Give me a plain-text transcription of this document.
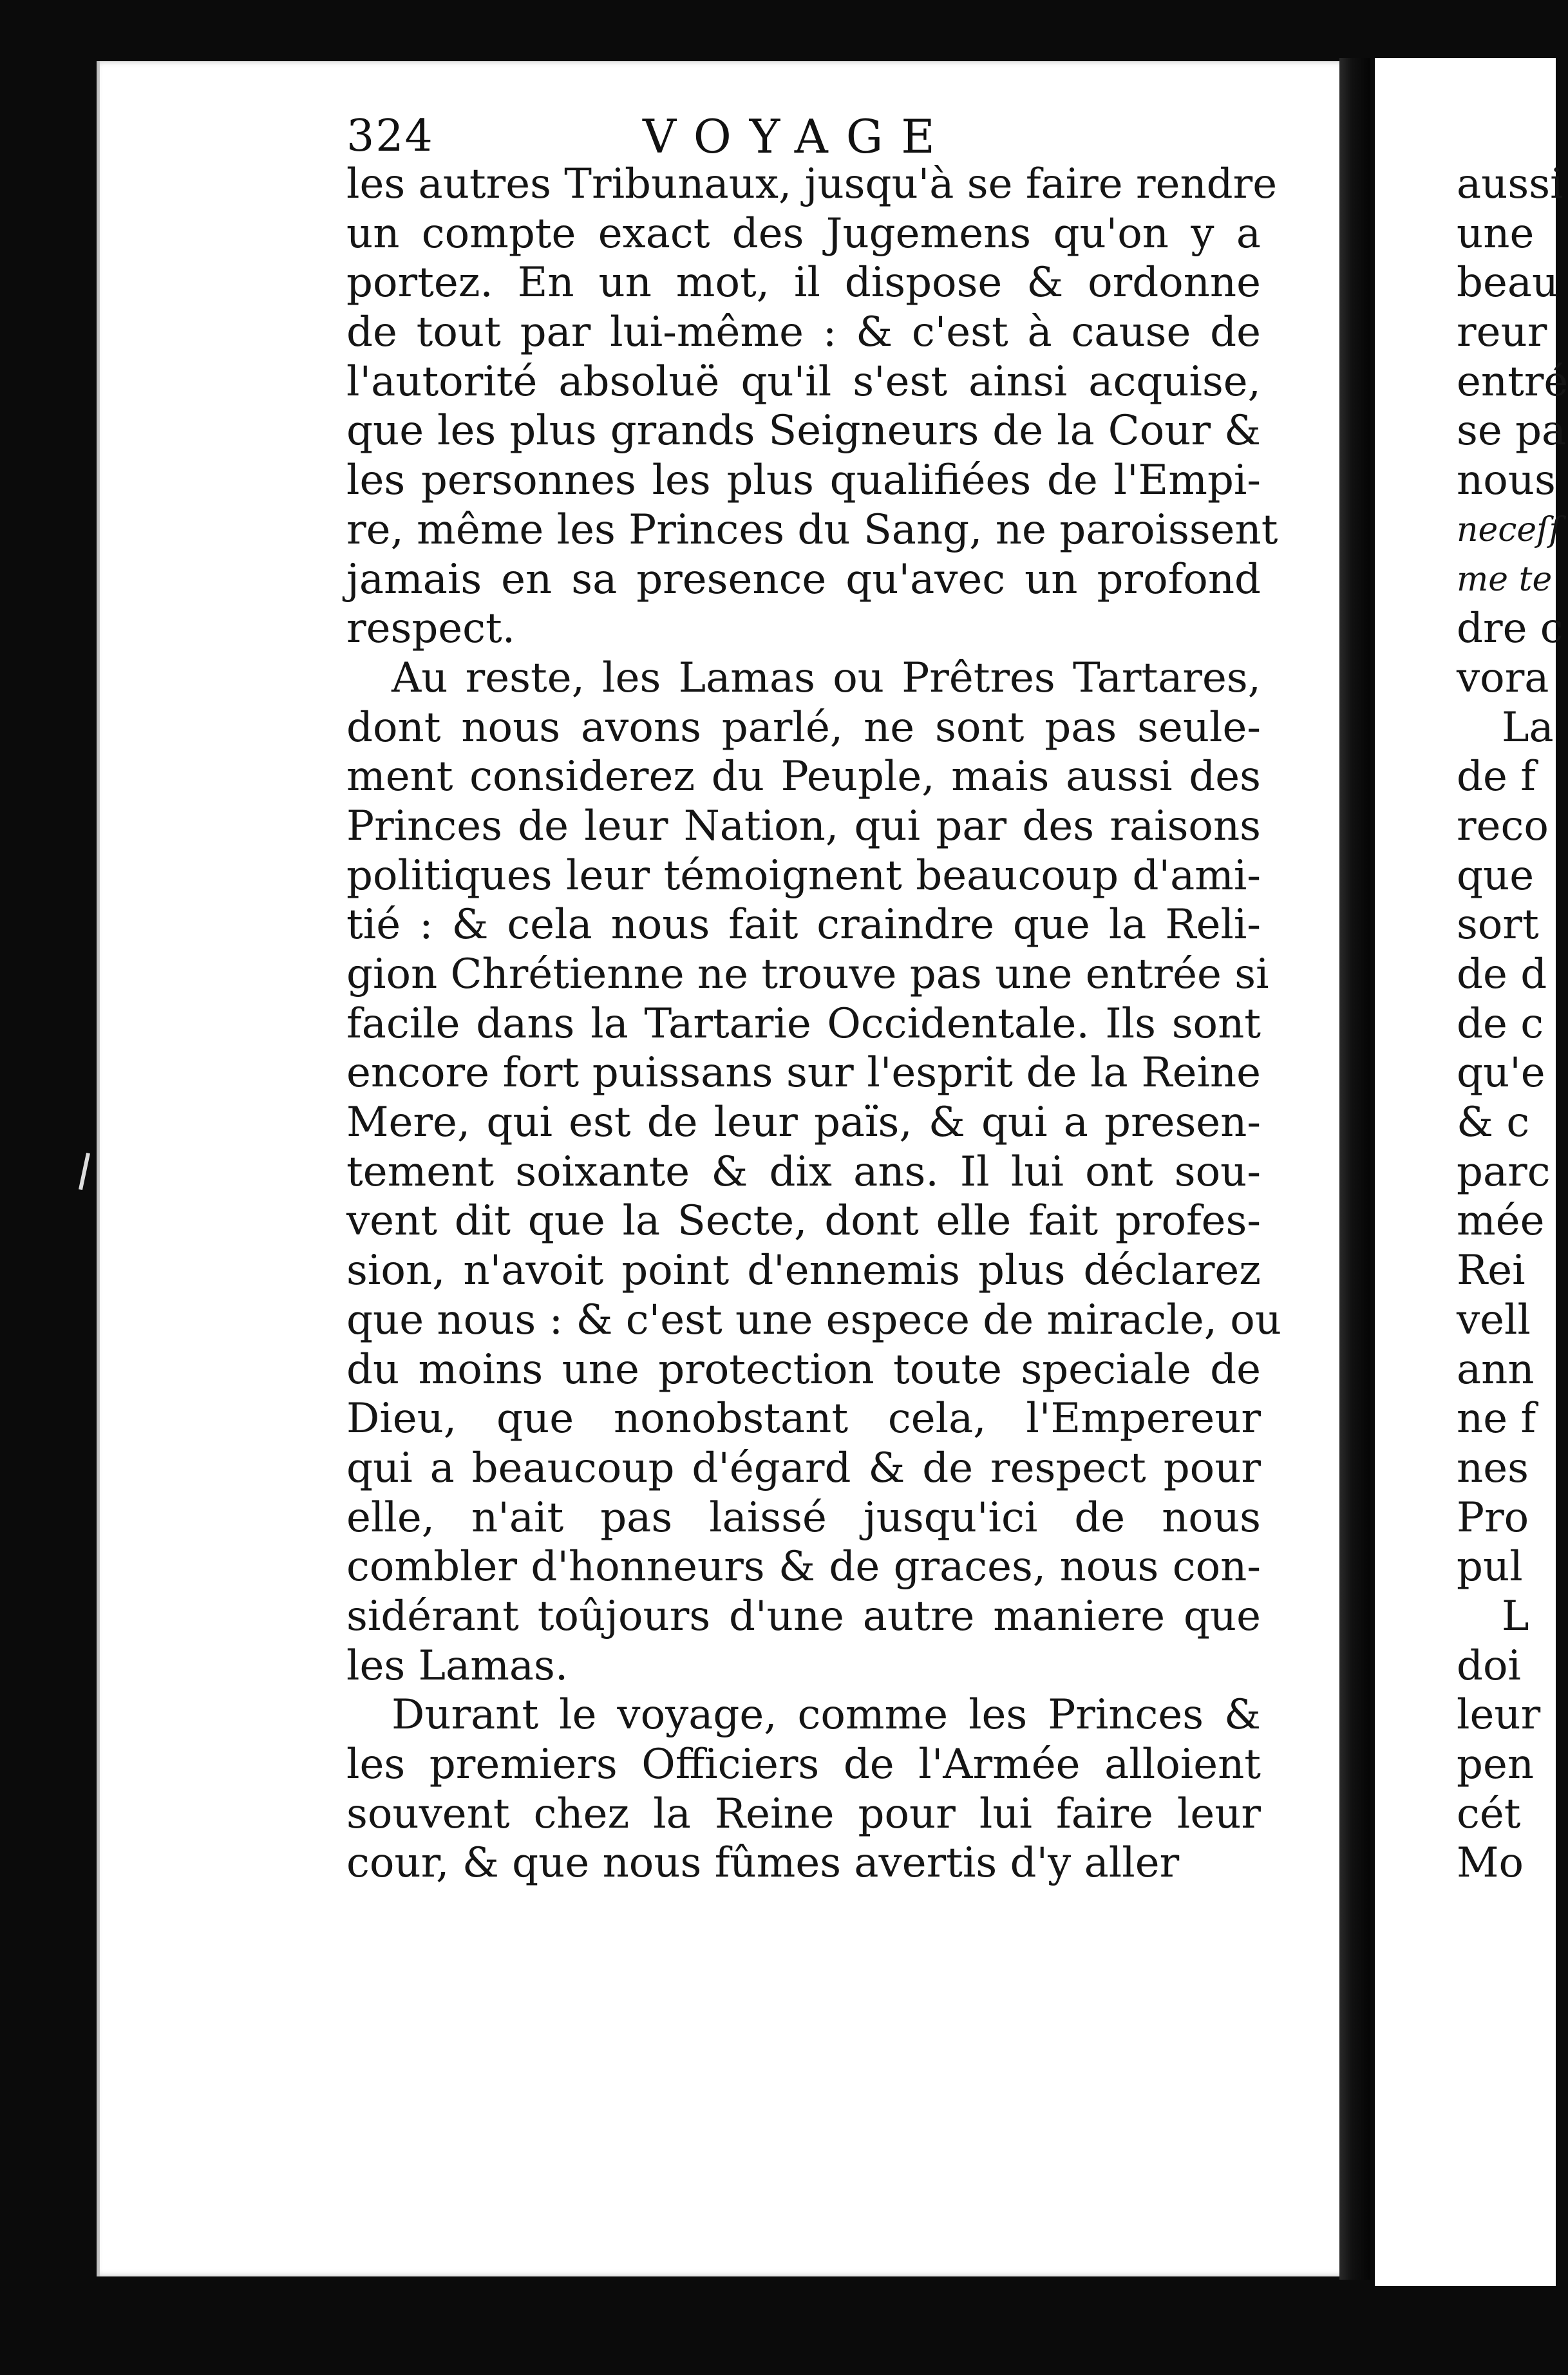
324	VOYAGE
les autres Tribunaux, jusqu'à se faire rendre
un compte exact des Jugemens qu'on y a
portez. En un mot, il dispose & ordonne
de tout par lui-même : & c'est à cause de
l'autorité absoluë qu'il s'est ainsi acquise,
que les plus grands Seigneurs de la Cour &
les personnes les plus qualifiées de l'Empi-
re, même les Princes du Sang, ne paroissent
jamais en sa presence qu'avec un profond
respect.
Au reste, les Lamas ou Prêtres Tartares,
dont nous avons parlé, ne sont pas seule-
ment considerez du Peuple, mais aussi des
Princes de leur Nation, qui par des raisons
politiques leur témoignent beaucoup d'ami-
tié : & cela nous fait craindre que la Reli-
gion Chrétienne ne trouve pas une entrée si
facile dans la Tartarie Occidentale. Ils sont
encore fort puissans sur l'esprit de la Reine
Mere, qui est de leur païs, & qui a presen-
tement soixante & dix ans. Il lui ont sou-
vent dit que la Secte, dont elle fait profes-
sion, n'avoit point d'ennemis plus déclarez
que nous : & c'est une espece de miracle, ou
du moins une protection toute speciale de
Dieu, que nonobstant cela, l'Empereur
qui a beaucoup d'égard & de respect pour
elle, n'ait pas laissé jusqu'ici de nous
combler d'honneurs & de graces, nous con-
sidérant toûjours d'une autre maniere que
les Lamas.
Durant le voyage, comme les Princes &
les premiers Officiers de l'Armée alloient
souvent chez la Reine pour lui faire leur
cour, & que nous fûmes avertis d'y aller
aussi
une
beau
reur
entré
se pa
nous
neceſſ
me te
dre c
vora
La
de f
reco
que
sort
de d
de c
qu'e
& c
parc
mée
Rei
vell
ann
ne f
nes
Pro
pul
L
doi
leur
pen
cét
Mo
